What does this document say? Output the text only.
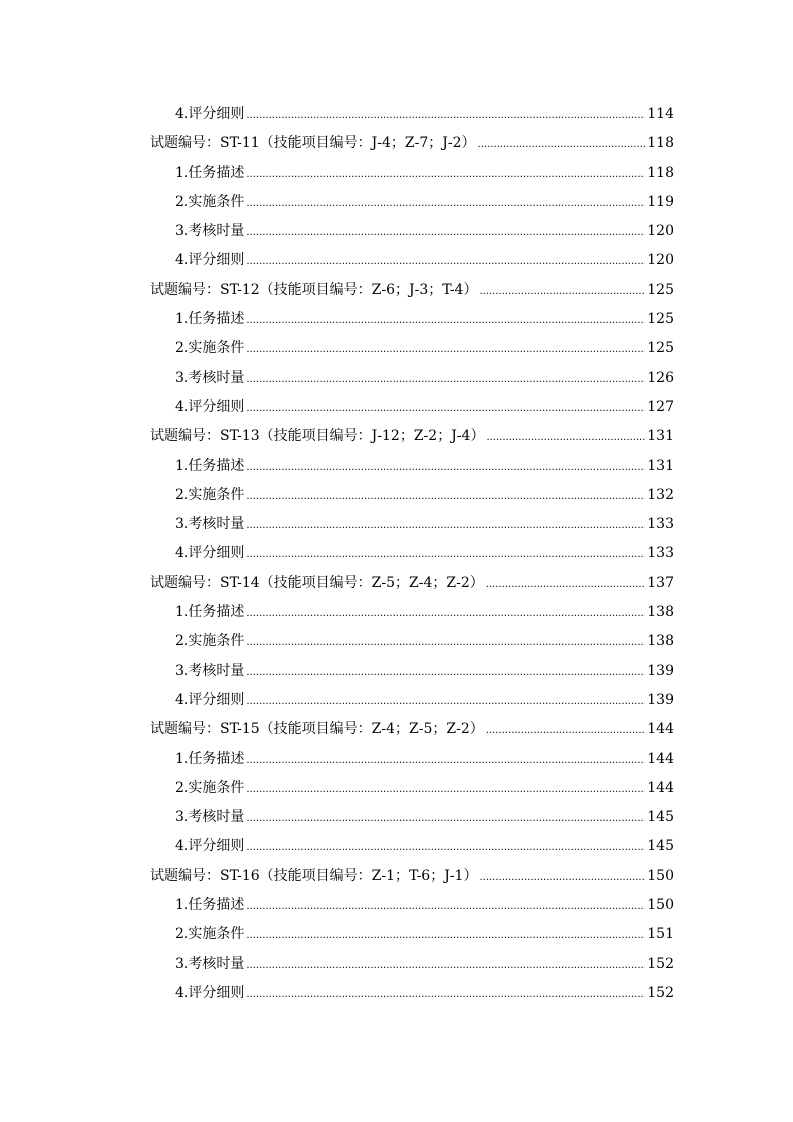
4.评分细则 .....	114
试题编号：ST-11（技能项目编号：J-4；Z-7；J-2） .....	118
1.任务描述 .....	118
2.实施条件 .....	119
3.考核时量 .....	120
4.评分细则 .....	120
试题编号：ST-12（技能项目编号：Z-6；J-3；T-4） .....	125
1.任务描述 .....	125
2.实施条件 .....	125
3.考核时量 .....	126
4.评分细则 .....	127
试题编号：ST-13（技能项目编号：J-12；Z-2；J-4） .....	131
1.任务描述 .....	131
2.实施条件 .....	132
3.考核时量 .....	133
4.评分细则 .....	133
试题编号：ST-14（技能项目编号：Z-5；Z-4；Z-2） .....	137
1.任务描述 .....	138
2.实施条件 .....	138
3.考核时量 .....	139
4.评分细则 .....	139
试题编号：ST-15（技能项目编号：Z-4；Z-5；Z-2） .....	144
1.任务描述 .....	144
2.实施条件 .....	144
3.考核时量 .....	145
4.评分细则 .....	145
试题编号：ST-16（技能项目编号：Z-1；T-6；J-1） .....	150
1.任务描述 .....	150
2.实施条件 .....	151
3.考核时量 .....	152
4.评分细则 .....	152
